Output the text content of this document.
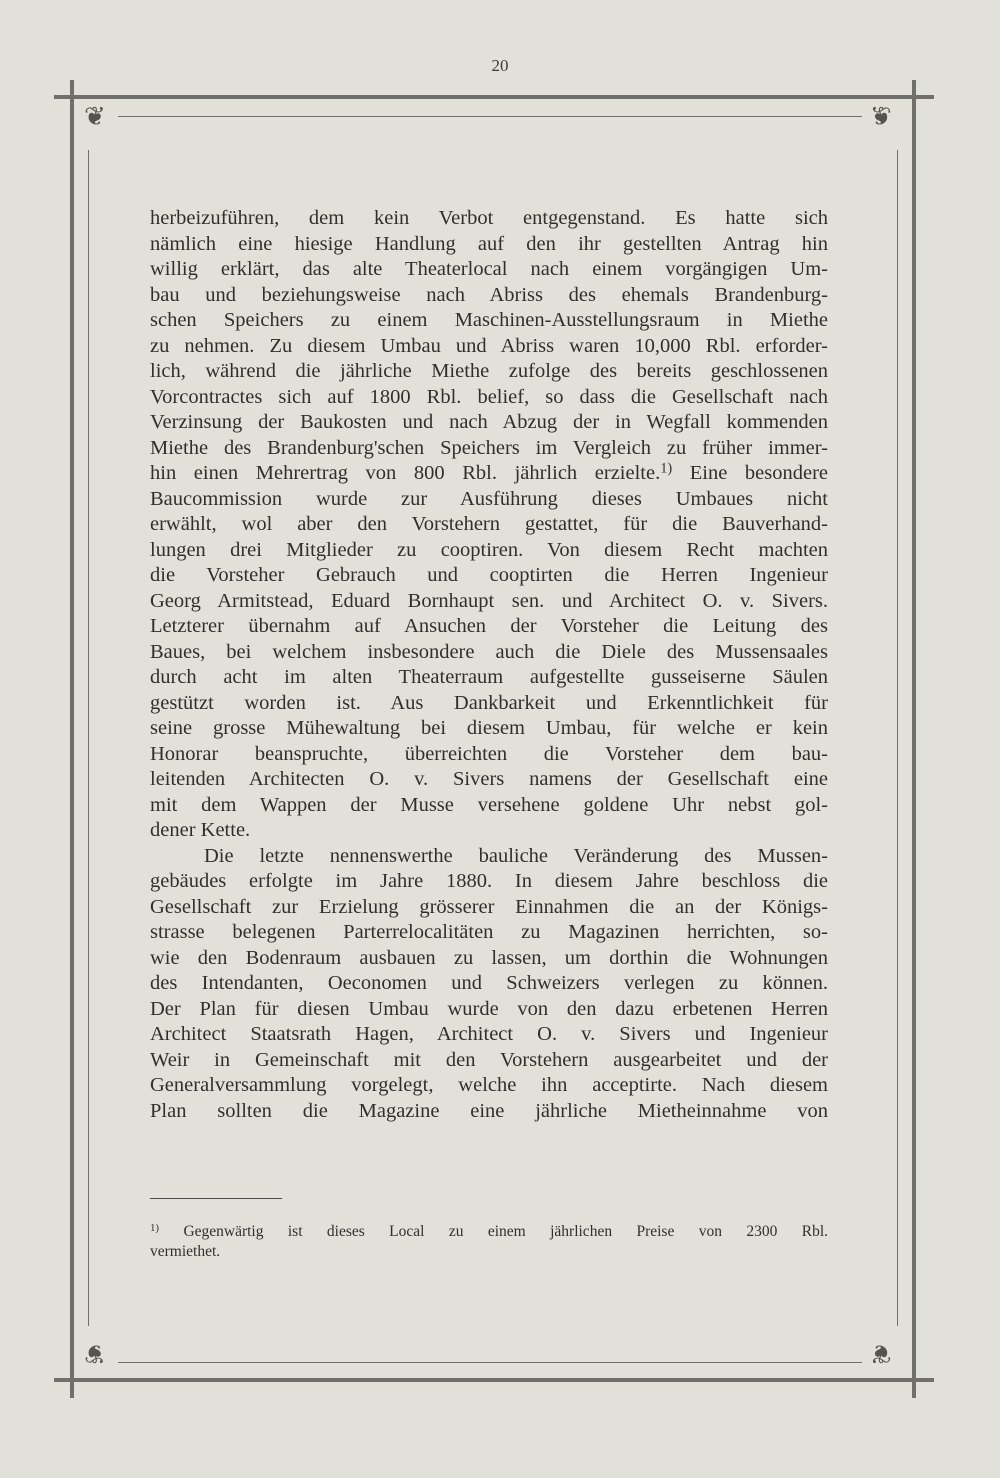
20
❦	❦
❦	❦

herbeizuführen, dem kein Verbot entgegenstand. Es hatte sich
nämlich eine hiesige Handlung auf den ihr gestellten Antrag hin
willig erklärt, das alte Theaterlocal nach einem vorgängigen Um-
bau und beziehungsweise nach Abriss des ehemals Brandenburg-
schen Speichers zu einem Maschinen-Ausstellungsraum in Miethe
zu nehmen. Zu diesem Umbau und Abriss waren 10,000 Rbl. erforder-
lich, während die jährliche Miethe zufolge des bereits geschlossenen
Vorcontractes sich auf 1800 Rbl. belief, so dass die Gesellschaft nach
Verzinsung der Baukosten und nach Abzug der in Wegfall kommenden
Miethe des Brandenburg'schen Speichers im Vergleich zu früher immer-
hin einen Mehrertrag von 800 Rbl. jährlich erzielte.$^{1)}$ Eine besondere
Baucommission wurde zur Ausführung dieses Umbaues nicht
erwählt, wol aber den Vorstehern gestattet, für die Bauverhand-
lungen drei Mitglieder zu cooptiren. Von diesem Recht machten
die Vorsteher Gebrauch und cooptirten die Herren Ingenieur
Georg Armitstead, Eduard Bornhaupt sen. und Architect O. v. Sivers.
Letzterer übernahm auf Ansuchen der Vorsteher die Leitung des
Baues, bei welchem insbesondere auch die Diele des Mussensaales
durch acht im alten Theaterraum aufgestellte gusseiserne Säulen
gestützt worden ist. Aus Dankbarkeit und Erkenntlichkeit für
seine grosse Mühewaltung bei diesem Umbau, für welche er kein
Honorar beanspruchte, überreichten die Vorsteher dem bau-
leitenden Architecten O. v. Sivers namens der Gesellschaft eine
mit dem Wappen der Musse versehene goldene Uhr nebst gol-
dener Kette.

Die letzte nennenswerthe bauliche Veränderung des Mussen-
gebäudes erfolgte im Jahre 1880. In diesem Jahre beschloss die
Gesellschaft zur Erzielung grösserer Einnahmen die an der Königs-
strasse belegenen Parterrelocalitäten zu Magazinen herrichten, so-
wie den Bodenraum ausbauen zu lassen, um dorthin die Wohnungen
des Intendanten, Oeconomen und Schweizers verlegen zu können.
Der Plan für diesen Umbau wurde von den dazu erbetenen Herren
Architect Staatsrath Hagen, Architect O. v. Sivers und Ingenieur
Weir in Gemeinschaft mit den Vorstehern ausgearbeitet und der
Generalversammlung vorgelegt, welche ihn acceptirte. Nach diesem
Plan sollten die Magazine eine jährliche Mietheinnahme von

$^{1)}$ Gegenwärtig ist dieses Local zu einem jährlichen Preise von 2300 Rbl.
vermiethet.
